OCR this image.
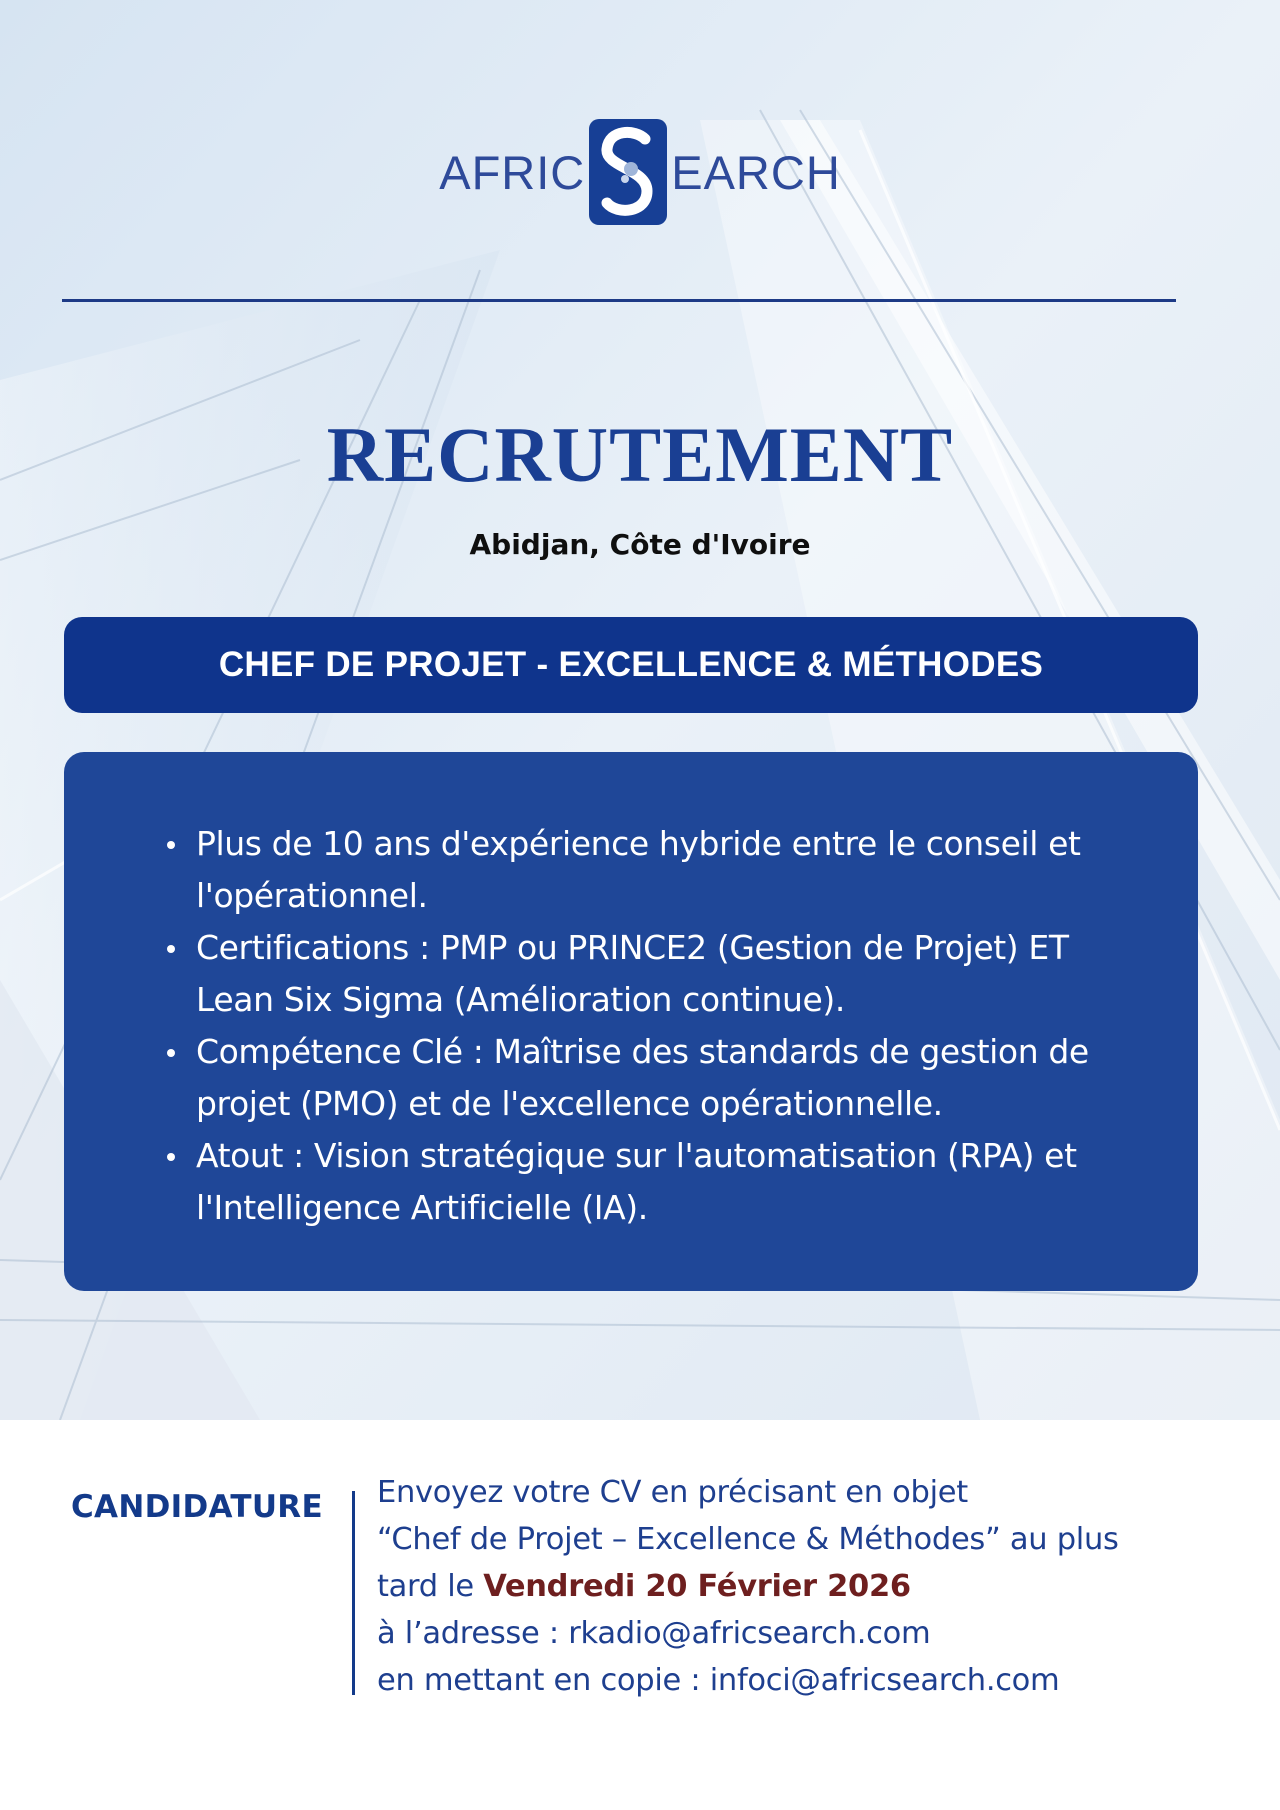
AFRIC EARCH
RECRUTEMENT
Abidjan, Côte d'Ivoire
CHEF DE PROJET - EXCELLENCE & MÉTHODES
Plus de 10 ans d'expérience hybride entre le conseil et
l'opérationnel.
Certifications : PMP ou PRINCE2 (Gestion de Projet) ET
Lean Six Sigma (Amélioration continue).
Compétence Clé : Maîtrise des standards de gestion de
projet (PMO) et de l'excellence opérationnelle.
Atout : Vision stratégique sur l'automatisation (RPA) et
l'Intelligence Artificielle (IA).
CANDIDATURE Envoyez votre CV en précisant en objet
“Chef de Projet – Excellence & Méthodes” au plus
tard le Vendredi 20 Février 2026
à l’adresse : rkadio@africsearch.com
en mettant en copie : infoci@africsearch.com
